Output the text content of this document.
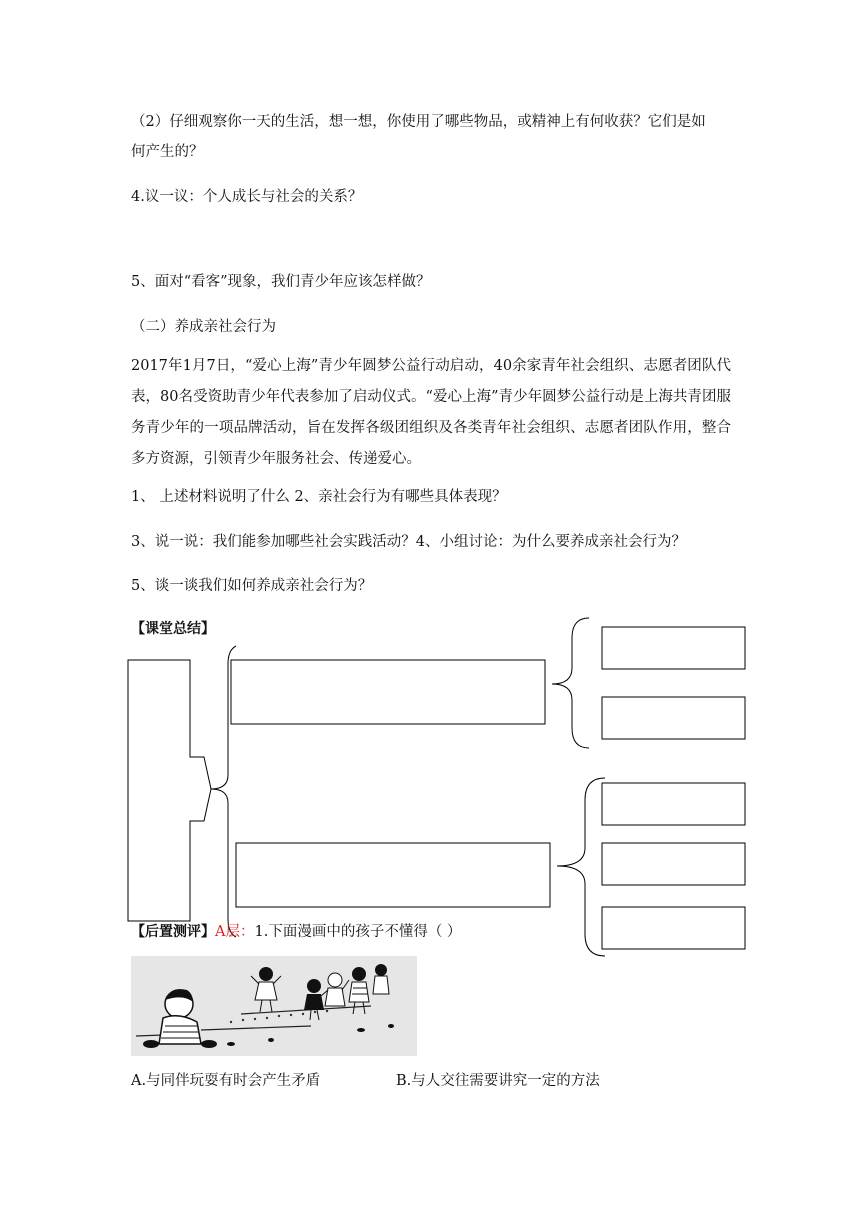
（2）仔细观察你一天的生活，想一想，你使用了哪些物品，或精神上有何收获？它们是如
何产生的？
4.议一议：个人成长与社会的关系？
5、面对“看客”现象，我们青少年应该怎样做？
（二）养成亲社会行为
2017年1月7日，“爱心上海”青少年圆梦公益行动启动，40余家青年社会组织、志愿者团队代表，80名受资助青少年代表参加了启动仪式。“爱心上海”青少年圆梦公益行动是上海共青团服务青少年的一项品牌活动，旨在发挥各级团组织及各类青年社会组织、志愿者团队作用，整合多方资源，引领青少年服务社会、传递爱心。
1、 上述材料说明了什么 2、亲社会行为有哪些具体表现？
3、说一说：我们能参加哪些社会实践活动？4、小组讨论：为什么要养成亲社会行为？
5、谈一谈我们如何养成亲社会行为？
【课堂总结】
【后置测评】A层：1.下面漫画中的孩子不懂得（ ）
A.与同伴玩耍有时会产生矛盾	B.与人交往需要讲究一定的方法
